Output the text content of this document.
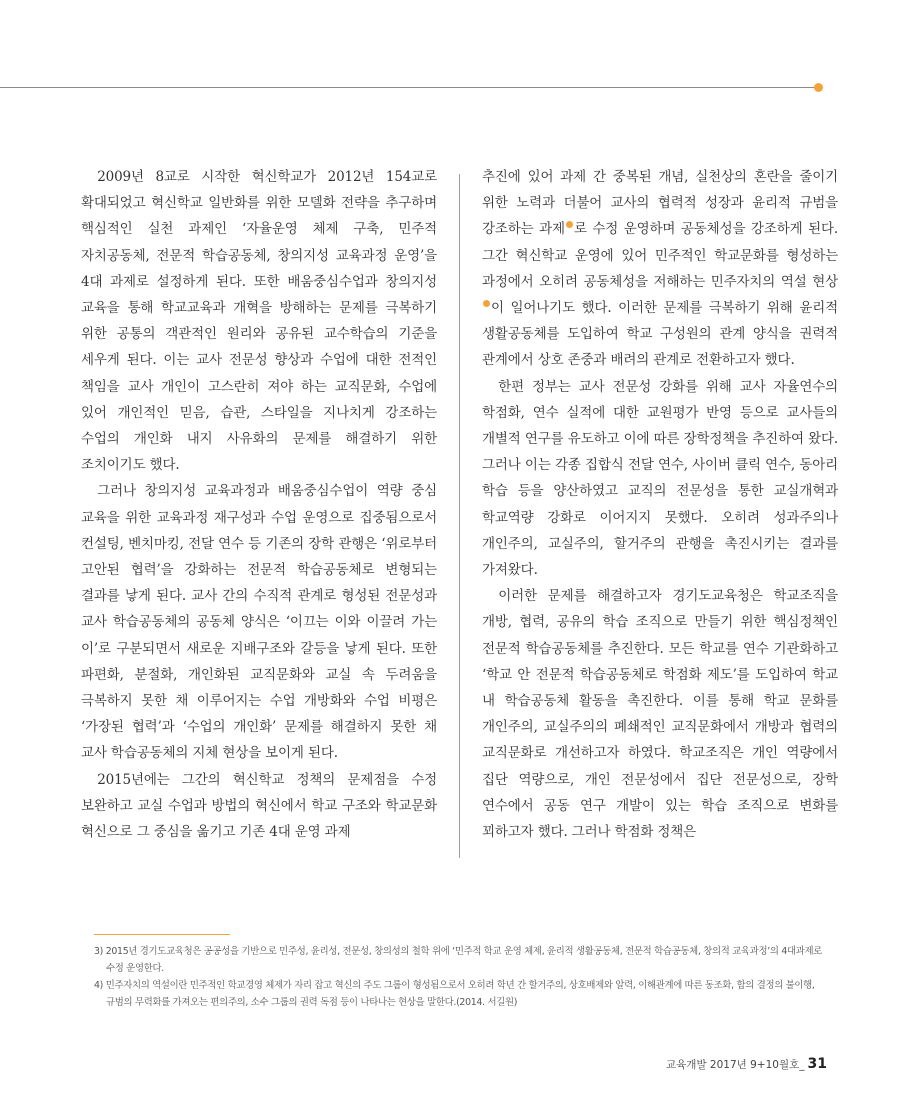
2009년 8교로 시작한 혁신학교가 2012년 154교로 확대되었고 혁신학교 일반화를 위한 모델화 전략을 추구하며 핵심적인 실천 과제인 ‘자율운영 체제 구축, 민주적 자치공동체, 전문적 학습공동체, 창의지성 교육과정 운영’을 4대 과제로 설정하게 된다. 또한 배움중심수업과 창의지성 교육을 통해 학교교육과 개혁을 방해하는 문제를 극복하기 위한 공통의 객관적인 원리와 공유된 교수학습의 기준을 세우게 된다. 이는 교사 전문성 향상과 수업에 대한 전적인 책임을 교사 개인이 고스란히 져야 하는 교직문화, 수업에 있어 개인적인 믿음, 습관, 스타일을 지나치게 강조하는 수업의 개인화 내지 사유화의 문제를 해결하기 위한 조치이기도 했다.

그러나 창의지성 교육과정과 배움중심수업이 역량 중심 교육을 위한 교육과정 재구성과 수업 운영으로 집중됨으로서 컨설팅, 벤치마킹, 전달 연수 등 기존의 장학 관행은 ‘위로부터 고안된 협력’을 강화하는 전문적 학습공동체로 변형되는 결과를 낳게 된다. 교사 간의 수직적 관계로 형성된 전문성과 교사 학습공동체의 공동체 양식은 ‘이끄는 이와 이끌려 가는 이’로 구분되면서 새로운 지배구조와 갈등을 낳게 된다. 또한 파편화, 분절화, 개인화된 교직문화와 교실 속 두려움을 극복하지 못한 채 이루어지는 수업 개방화와 수업 비평은 ‘가장된 협력’과 ‘수업의 개인화’ 문제를 해결하지 못한 채 교사 학습공동체의 지체 현상을 보이게 된다.

2015년에는 그간의 혁신학교 정책의 문제점을 수정 보완하고 교실 수업과 방법의 혁신에서 학교 구조와 학교문화 혁신으로 그 중심을 옮기고 기존 4대 운영 과제

추진에 있어 과제 간 중복된 개념, 실천상의 혼란을 줄이기 위한 노력과 더불어 교사의 협력적 성장과 윤리적 규범을 강조하는 과제 로 수정 운영하며 공동체성을 강조하게 된다. 그간 혁신학교 운영에 있어 민주적인 학교문화를 형성하는 과정에서 오히려 공동체성을 저해하는 민주자치의 역설 현상이 일어나기도 했다. 이러한 문제를 극복하기 위해 윤리적 생활공동체를 도입하여 학교 구성원의 관계 양식을 권력적 관계에서 상호 존중과 배려의 관계로 전환하고자 했다.

한편 정부는 교사 전문성 강화를 위해 교사 자율연수의 학점화, 연수 실적에 대한 교원평가 반영 등으로 교사들의 개별적 연구를 유도하고 이에 따른 장학정책을 추진하여 왔다. 그러나 이는 각종 집합식 전달 연수, 사이버 클릭 연수, 동아리 학습 등을 양산하였고 교직의 전문성을 통한 교실개혁과 학교역량 강화로 이어지지 못했다. 오히려 성과주의나 개인주의, 교실주의, 할거주의 관행을 촉진시키는 결과를 가져왔다.

이러한 문제를 해결하고자 경기도교육청은 학교조직을 개방, 협력, 공유의 학습 조직으로 만들기 위한 핵심정책인 전문적 학습공동체를 추진한다. 모든 학교를 연수 기관화하고 ‘학교 안 전문적 학습공동체로 학점화 제도’를 도입하여 학교 내 학습공동체 활동을 촉진한다. 이를 통해 학교 문화를 개인주의, 교실주의의 폐쇄적인 교직문화에서 개방과 협력의 교직문화로 개선하고자 하였다. 학교조직은 개인 역량에서 집단 역량으로, 개인 전문성에서 집단 전문성으로, 장학 연수에서 공동 연구 개발이 있는 학습 조직으로 변화를 꾀하고자 했다. 그러나 학점화 정책은

3) 2015년 경기도교육청은 공공성을 기반으로 민주성, 윤리성, 전문성, 창의성의 철학 위에 ‘민주적 학교 운영 체제, 윤리적 생활공동체, 전문적 학습공동체, 창의적 교육과정’의 4대과제로 수정 운영한다.

4) 민주자치의 역설이란 민주적인 학교경영 체제가 자리 잡고 혁신의 주도 그룹이 형성됨으로서 오히려 학년 간 할거주의, 상호배제와 알력, 이해관계에 따른 동조화, 합의 결정의 불이행, 규범의 무력화를 가져오는 편의주의, 소수 그룹의 권력 독점 등이 나타나는 현상을 말한다.(2014. 서길원)

교육개발 2017년 9+10월호_ 31
